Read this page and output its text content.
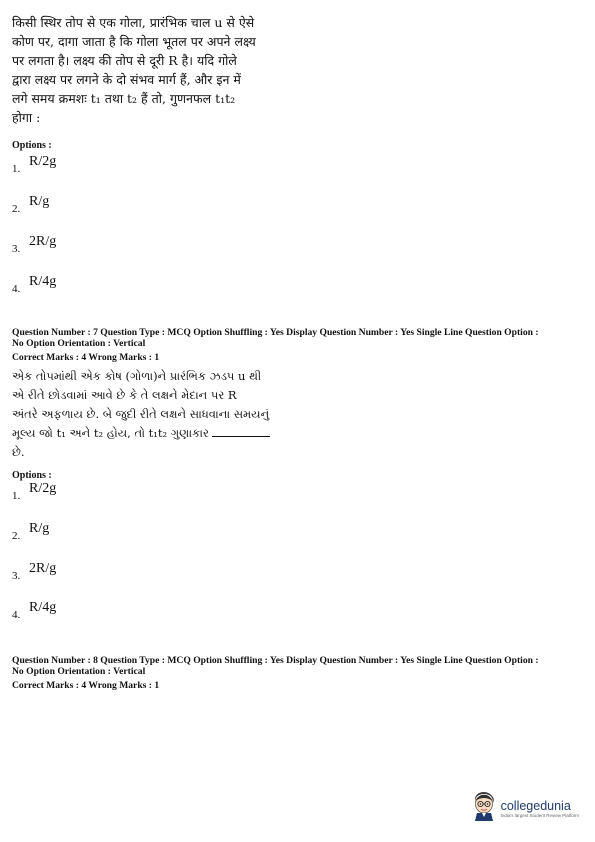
किसी स्थिर तोप से एक गोला, प्रारंभिक चाल u से ऐसे

कोण पर, दागा जाता है कि गोला भूतल पर अपने लक्ष्य

पर लगता है। लक्ष्य की तोप से दूरी R है। यदि गोले

द्वारा लक्ष्य पर लगने के दो संभव मार्ग हैं, और इन में

लगे समय क्रमशः t₁ तथा t₂ हैं तो, गुणनफल t₁t₂

होगा :

Options :
1. R/2g
2. R/g
3. 2R/g
4. R/4g
Question Number : 7 Question Type : MCQ Option Shuffling : Yes Display Question Number : Yes Single Line Question Option :
No Option Orientation : Vertical
Correct Marks : 4 Wrong Marks : 1

એક તોપમાંથી એક કોષ (ગોળા)ને પ્રારંભિક ઝડપ u થી

એ રીતે છોડવામાં આવે છે કે તે લક્ષને મેદાન પર R

અંતરે અફળાય છે. બે જુદી રીતે લક્ષને સાધવાના સમયનું

મૂલ્ય જો t₁ અને t₂ હોય, તો t₁t₂ ગુણાકાર

છે.

Options :
1. R/2g
2. R/g
3. 2R/g
4. R/4g
Question Number : 8 Question Type : MCQ Option Shuffling : Yes Display Question Number : Yes Single Line Question Option :
No Option Orientation : Vertical
Correct Marks : 4 Wrong Marks : 1
collegedunia
India's largest Student Review Platform
